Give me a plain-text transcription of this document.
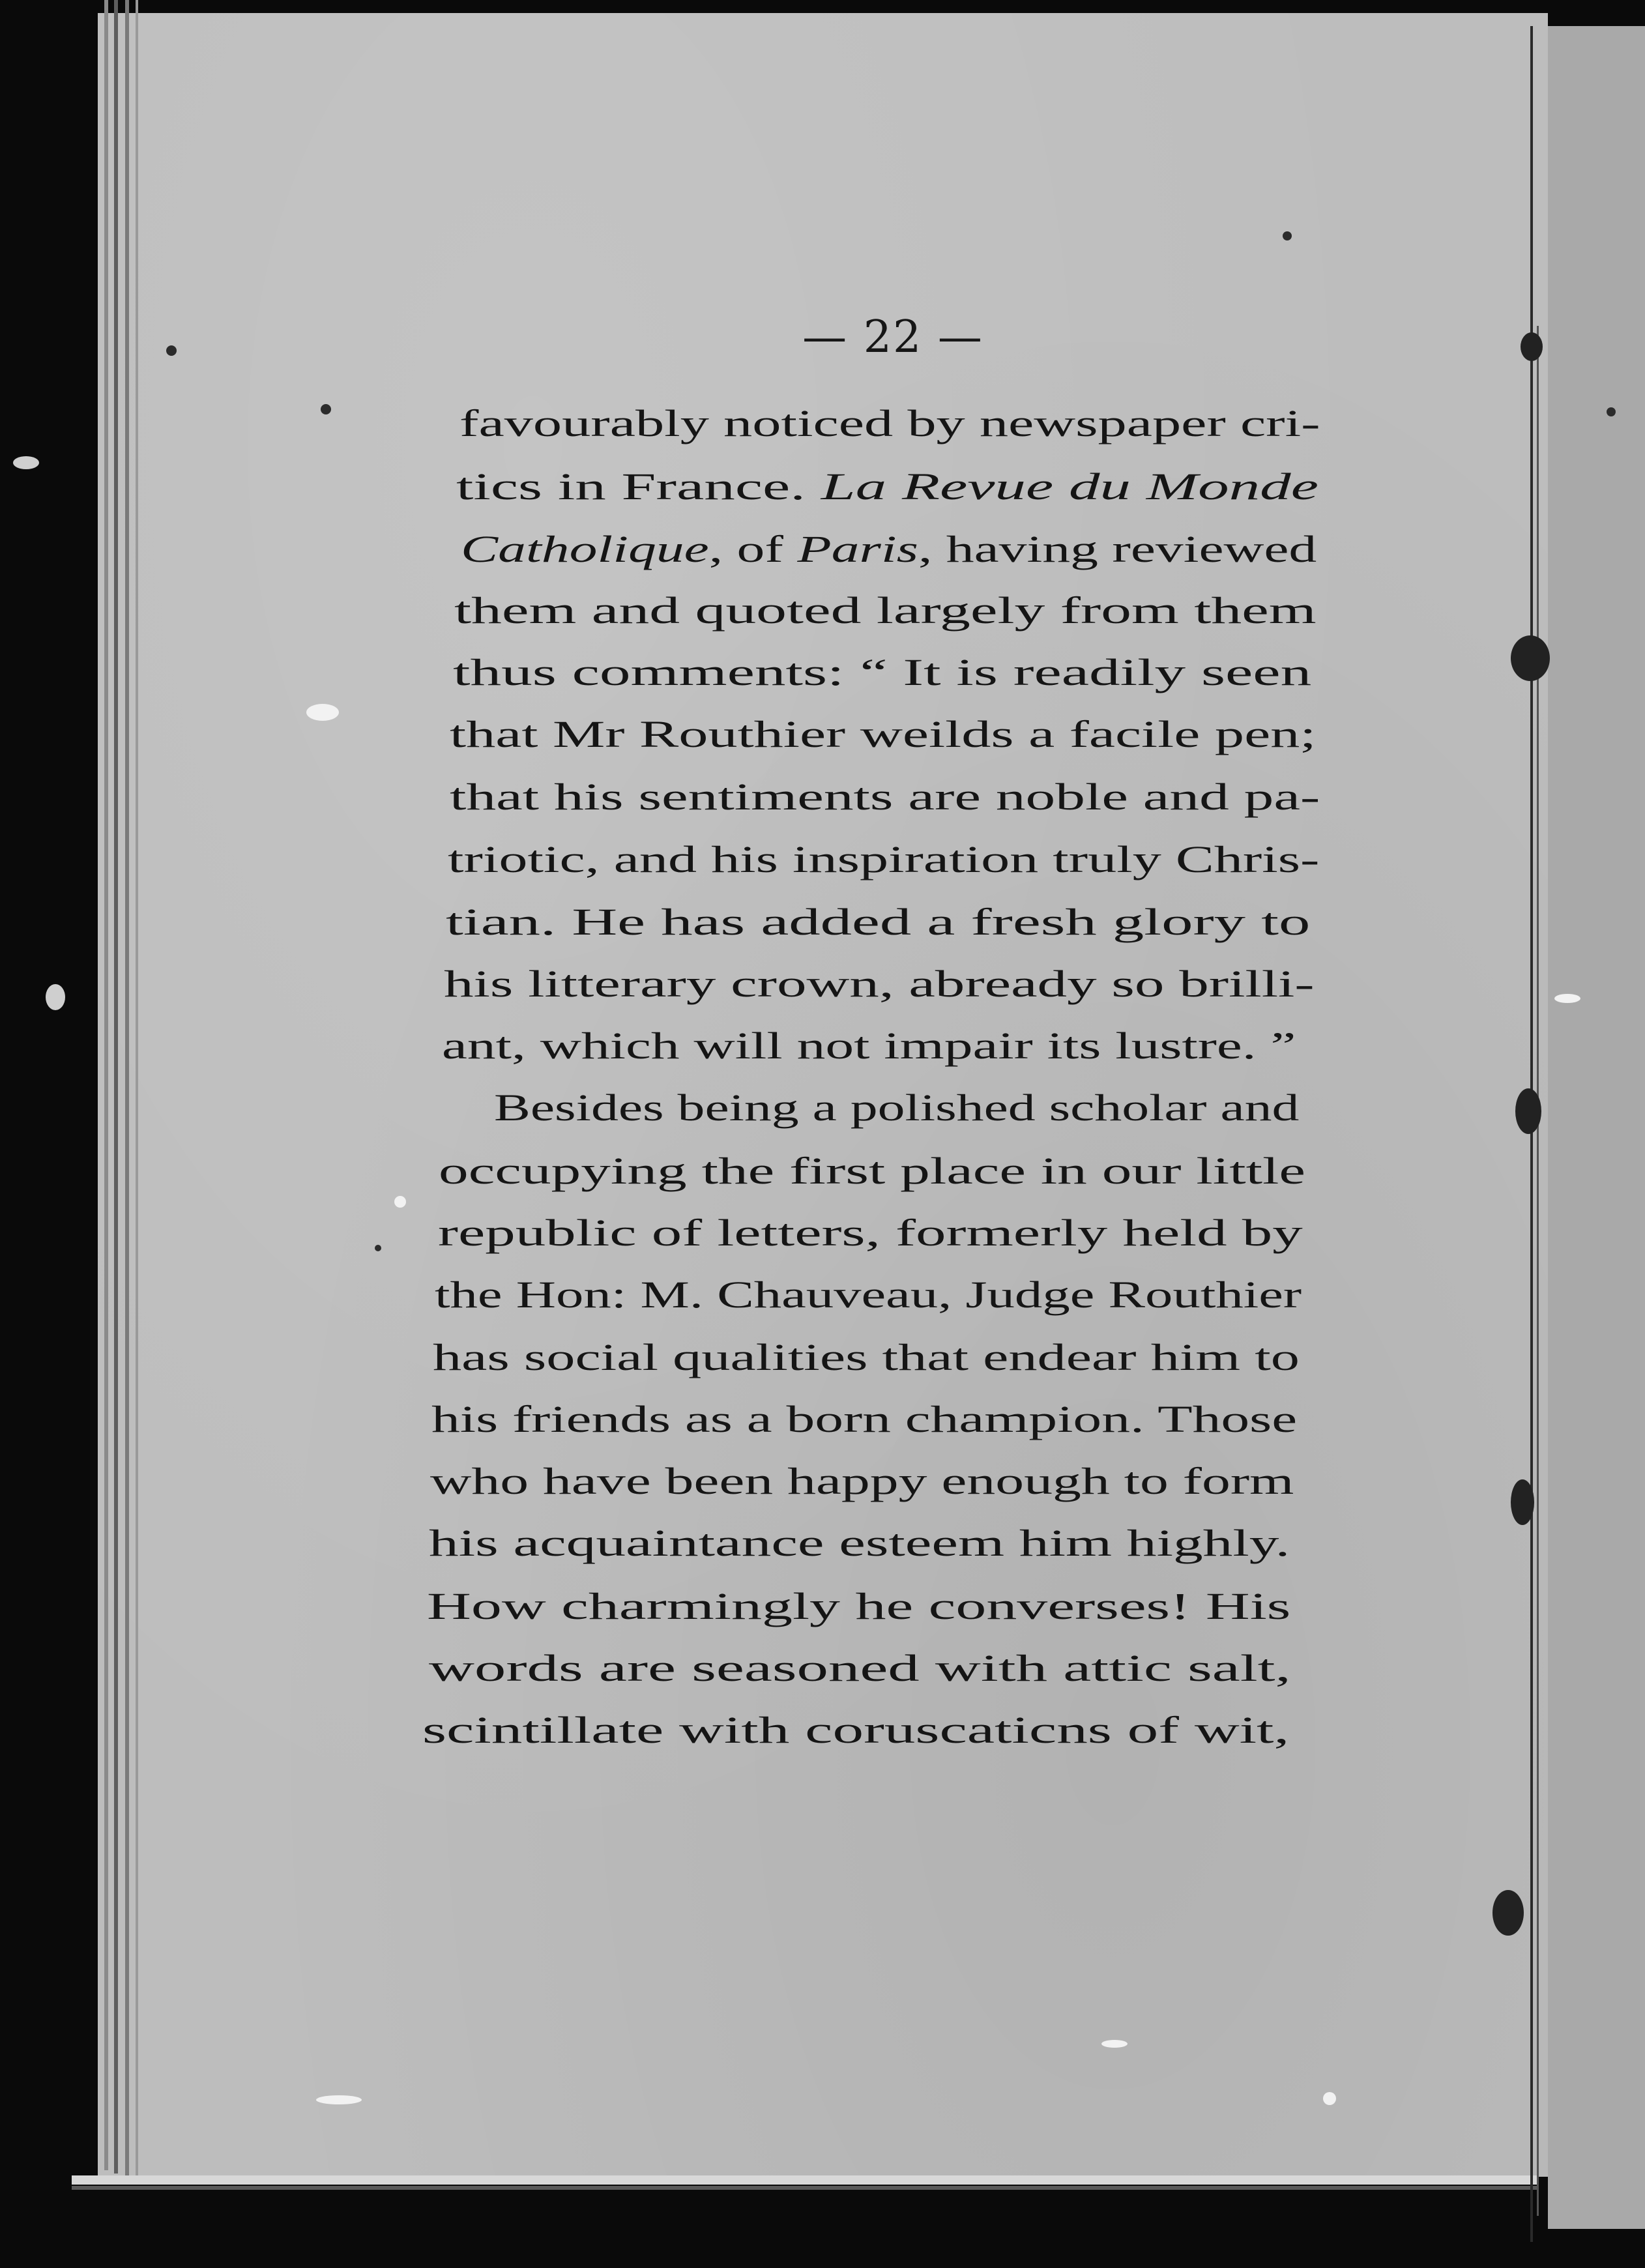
— 22 —
favourably noticed by newspaper cri-
tics in France. La Revue du Monde
Catholique, of Paris, having reviewed
them and quoted largely from them
thus comments: “ It is readily seen
that Mr Routhier weilds a facile pen;
that his sentiments are noble and pa-
triotic, and his inspiration truly Chris-
tian. He has added a fresh glory to
his litterary crown, abready so brilli-
ant, which will not impair its lustre. ”
Besides being a polished scholar and
occupying the first place in our little
republic of letters, formerly held by
the Hon: M. Chauveau, Judge Routhier
has social qualities that endear him to
his friends as a born champion. Those
who have been happy enough to form
his acquaintance esteem him highly.
How charmingly he converses! His
words are seasoned with attic salt,
scintillate with coruscaticns of wit,
